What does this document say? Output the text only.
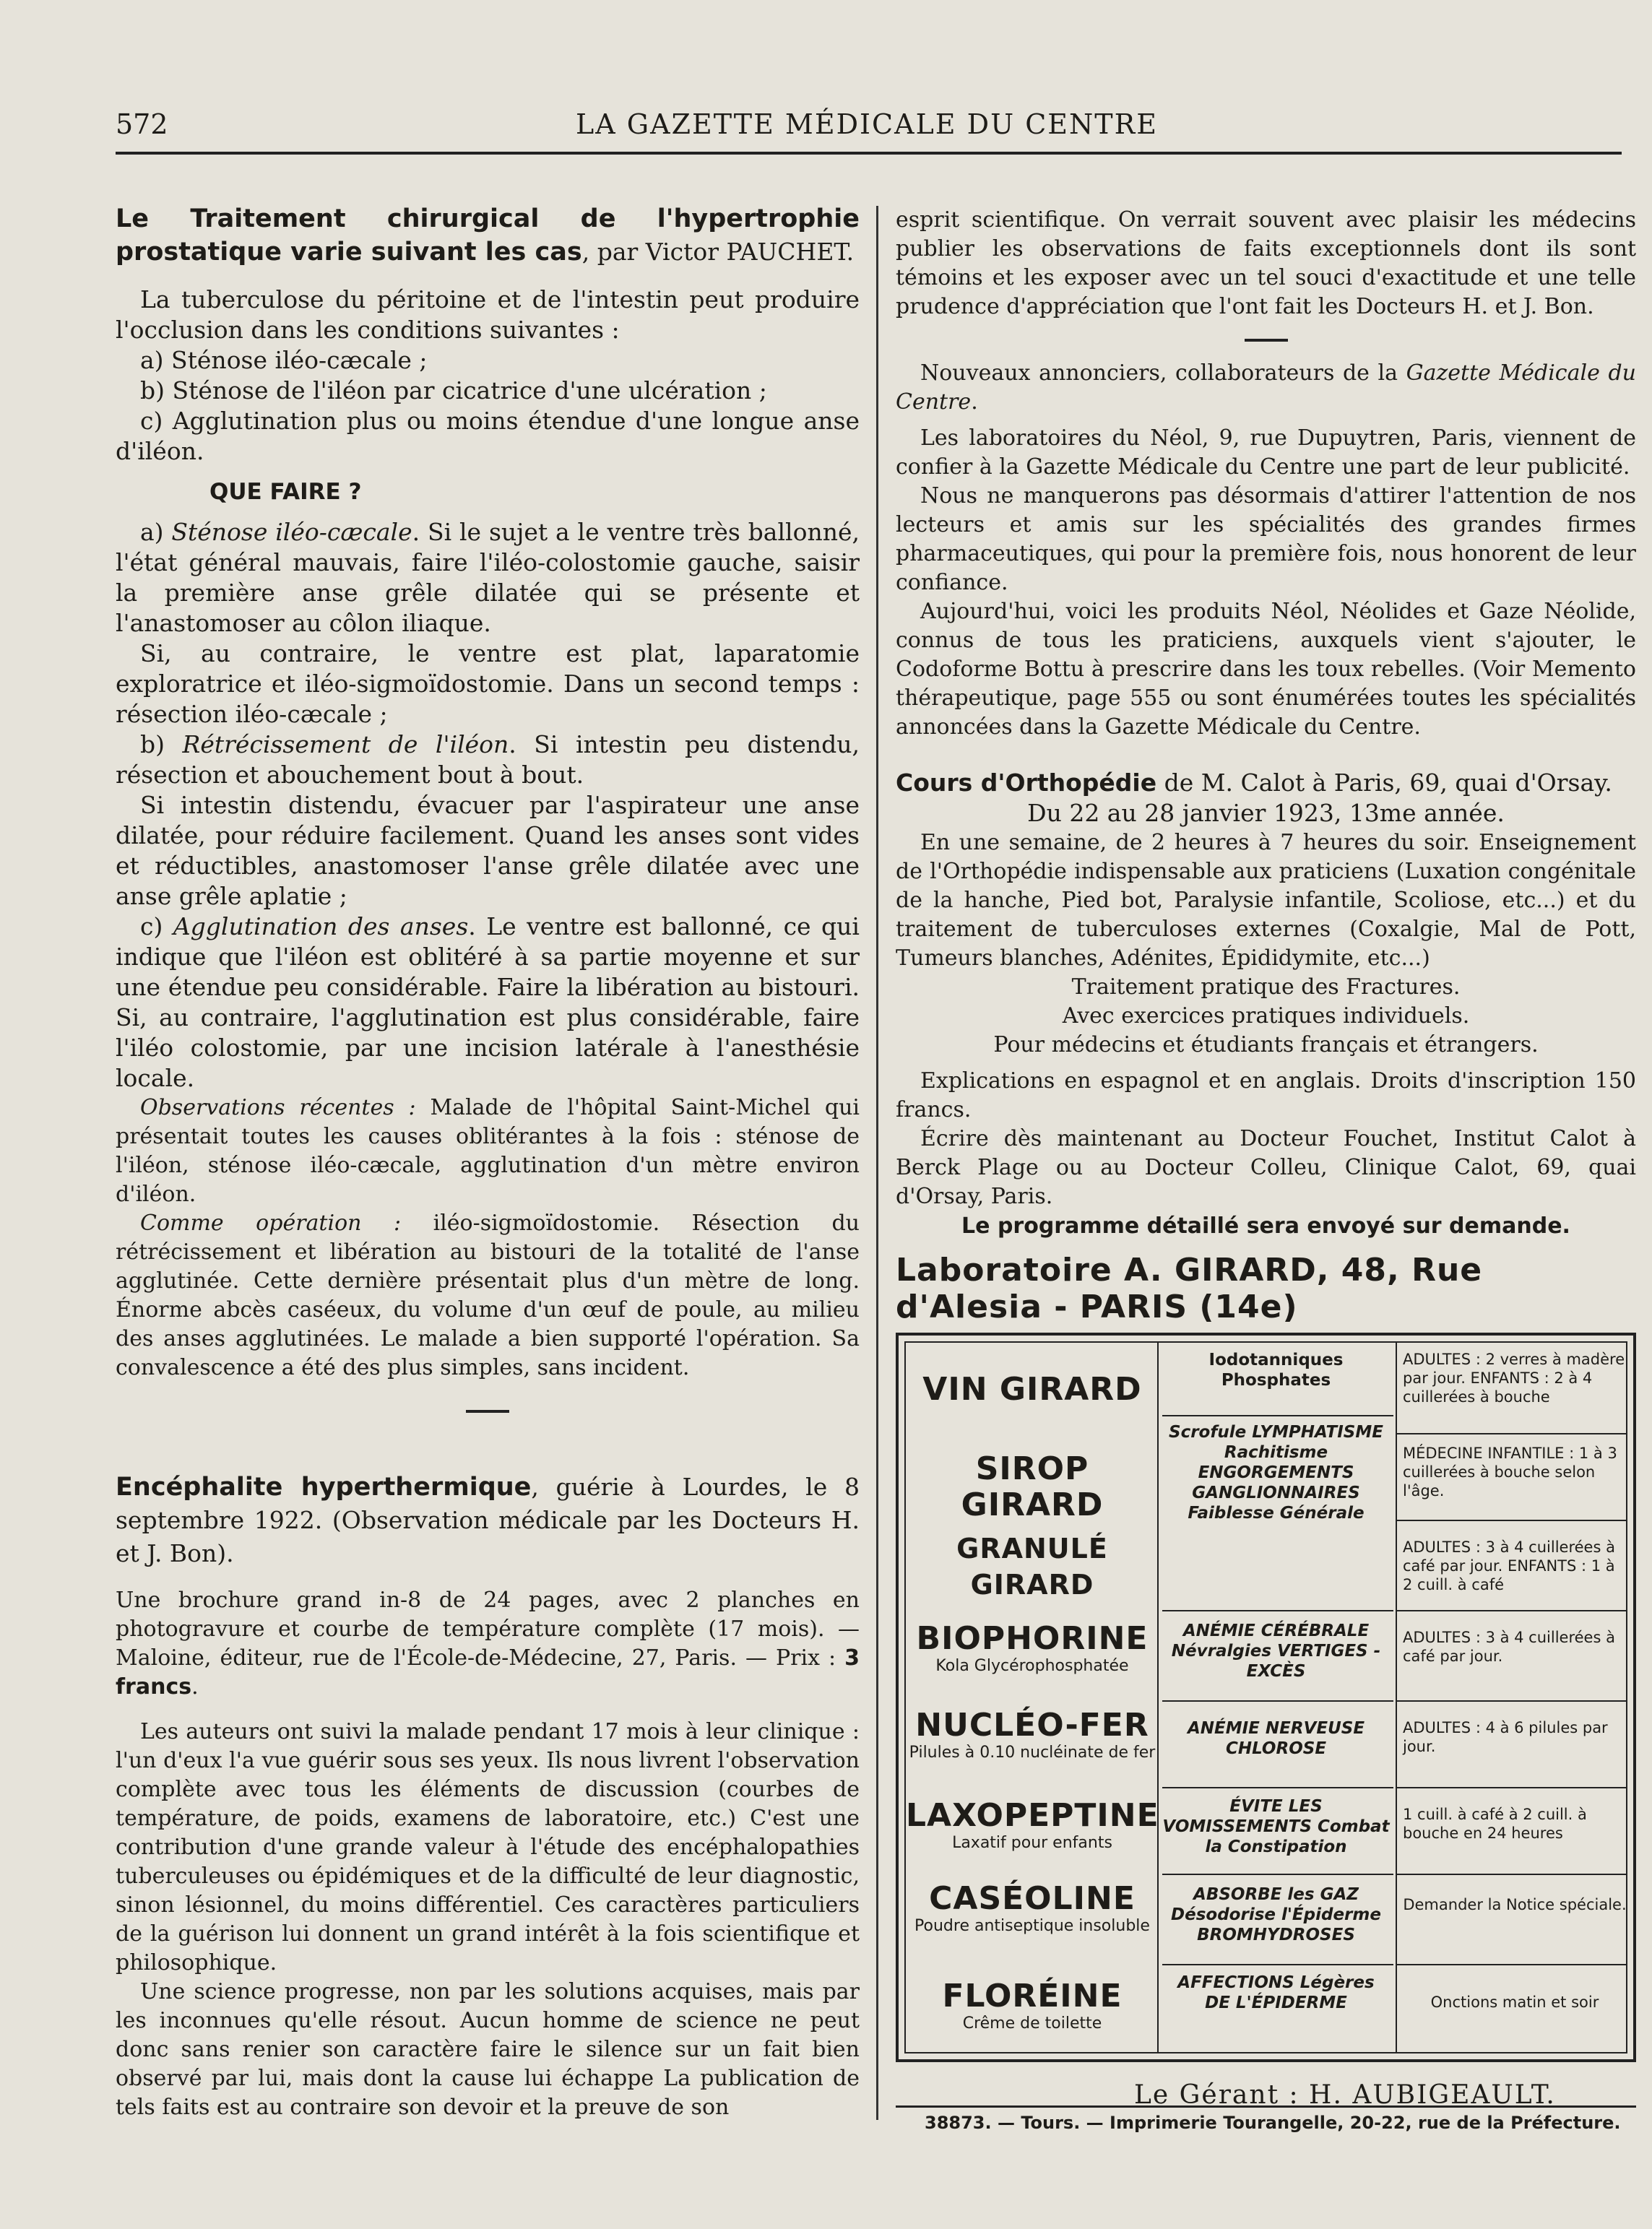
572	LA GAZETTE MÉDICALE DU CENTRE

Le Traitement chirurgical de l'hypertrophie prostatique varie suivant les cas, par Victor PAUCHET.

La tuberculose du péritoine et de l'intestin peut produire l'occlusion dans les conditions suivantes :

a) Sténose iléo-cæcale ;

b) Sténose de l'iléon par cicatrice d'une ulcération ;

c) Agglutination plus ou moins étendue d'une longue anse d'iléon.

QUE FAIRE ?

a) Sténose iléo-cæcale. Si le sujet a le ventre très ballonné, l'état général mauvais, faire l'iléo-colostomie gauche, saisir la première anse grêle dilatée qui se présente et l'anastomoser au côlon iliaque.

Si, au contraire, le ventre est plat, laparatomie exploratrice et iléo-sigmoïdostomie. Dans un second temps : résection iléo-cæcale ;

b) Rétrécissement de l'iléon. Si intestin peu distendu, résection et abouchement bout à bout.

Si intestin distendu, évacuer par l'aspirateur une anse dilatée, pour réduire facilement. Quand les anses sont vides et réductibles, anastomoser l'anse grêle dilatée avec une anse grêle aplatie ;

c) Agglutination des anses. Le ventre est ballonné, ce qui indique que l'iléon est oblitéré à sa partie moyenne et sur une étendue peu considérable. Faire la libération au bistouri. Si, au contraire, l'agglutination est plus considérable, faire l'iléo colostomie, par une incision latérale à l'anesthésie locale.

Observations récentes : Malade de l'hôpital Saint-Michel qui présentait toutes les causes oblitérantes à la fois : sténose de l'iléon, sténose iléo-cæcale, agglutination d'un mètre environ d'iléon.

Comme opération : iléo-sigmoïdostomie. Résection du rétrécissement et libération au bistouri de la totalité de l'anse agglutinée. Cette dernière présentait plus d'un mètre de long. Énorme abcès caséeux, du volume d'un œuf de poule, au milieu des anses agglutinées. Le malade a bien supporté l'opération. Sa convalescence a été des plus simples, sans incident.

Encéphalite hyperthermique, guérie à Lourdes, le 8 septembre 1922. (Observation médicale par les Docteurs H. et J. Bon).

Une brochure grand in-8 de 24 pages, avec 2 planches en photogravure et courbe de température complète (17 mois). — Maloine, éditeur, rue de l'École-de-Médecine, 27, Paris. — Prix : 3 francs.

Les auteurs ont suivi la malade pendant 17 mois à leur clinique : l'un d'eux l'a vue guérir sous ses yeux. Ils nous livrent l'observation complète avec tous les éléments de discussion (courbes de température, de poids, examens de laboratoire, etc.) C'est une contribution d'une grande valeur à l'étude des encéphalopathies tuberculeuses ou épidémiques et de la difficulté de leur diagnostic, sinon lésionnel, du moins différentiel. Ces caractères particuliers de la guérison lui donnent un grand intérêt à la fois scientifique et philosophique.

Une science progresse, non par les solutions acquises, mais par les inconnues qu'elle résout. Aucun homme de science ne peut donc sans renier son caractère faire le silence sur un fait bien observé par lui, mais dont la cause lui échappe La publication de tels faits est au contraire son devoir et la preuve de son

esprit scientifique. On verrait souvent avec plaisir les médecins publier les observations de faits exceptionnels dont ils sont témoins et les exposer avec un tel souci d'exactitude et une telle prudence d'appréciation que l'ont fait les Docteurs H. et J. Bon.

Nouveaux annonciers, collaborateurs de la Gazette Médicale du Centre.

Les laboratoires du Néol, 9, rue Dupuytren, Paris, viennent de confier à la Gazette Médicale du Centre une part de leur publicité.

Nous ne manquerons pas désormais d'attirer l'attention de nos lecteurs et amis sur les spécialités des grandes firmes pharmaceutiques, qui pour la première fois, nous honorent de leur confiance.

Aujourd'hui, voici les produits Néol, Néolides et Gaze Néolide, connus de tous les praticiens, auxquels vient s'ajouter, le Codoforme Bottu à prescrire dans les toux rebelles. (Voir Memento thérapeutique, page 555 ou sont énumérées toutes les spécialités annoncées dans la Gazette Médicale du Centre.

Cours d'Orthopédie de M. Calot à Paris, 69, quai d'Orsay.

Du 22 au 28 janvier 1923, 13me année.

En une semaine, de 2 heures à 7 heures du soir. Enseignement de l'Orthopédie indispensable aux praticiens (Luxation congénitale de la hanche, Pied bot, Paralysie infantile, Scoliose, etc...) et du traitement de tuberculoses externes (Coxalgie, Mal de Pott, Tumeurs blanches, Adénites, Épididymite, etc...)

Traitement pratique des Fractures.

Avec exercices pratiques individuels.

Pour médecins et étudiants français et étrangers.

Explications en espagnol et en anglais. Droits d'inscription 150 francs.

Écrire dès maintenant au Docteur Fouchet, Institut Calot à Berck Plage ou au Docteur Colleu, Clinique Calot, 69, quai d'Orsay, Paris.

Le programme détaillé sera envoyé sur demande.

Laboratoire A. GIRARD, 48, Rue d'Alesia - PARIS (14e)
VIN GIRARD
SIROP GIRARD
GRANULÉ GIRARD
BIOPHORINE
Kola Glycérophosphatée
NUCLÉO-FER
Pilules à 0.10 nucléinate de fer
LAXOPEPTINE
Laxatif pour enfants
CASÉOLINE
Poudre antiseptique insoluble
FLORÉINE
Crême de toilette
Iodotanniques Phosphates
Scrofule LYMPHATISME Rachitisme ENGORGEMENTS GANGLIONNAIRES Faiblesse Générale
ANÉMIE CÉRÉBRALE Névralgies VERTIGES - EXCÈS
ANÉMIE NERVEUSE CHLOROSE
ÉVITE LES VOMISSEMENTS Combat la Constipation
ABSORBE les GAZ Désodorise l'Épiderme BROMHYDROSES
AFFECTIONS Légères DE L'ÉPIDERME
ADULTES : 2 verres à madère par jour. ENFANTS : 2 à 4 cuillerées à bouche
MÉDECINE INFANTILE : 1 à 3 cuillerées à bouche selon l'âge.
ADULTES : 3 à 4 cuillerées à café par jour. ENFANTS : 1 à 2 cuill. à café
ADULTES : 3 à 4 cuillerées à café par jour.
ADULTES : 4 à 6 pilules par jour.
1 cuill. à café à 2 cuill. à bouche en 24 heures
Demander la Notice spéciale.
Onctions matin et soir
Le Gérant : H. AUBIGEAULT.
38873. — Tours. — Imprimerie Tourangelle, 20-22, rue de la Préfecture.
